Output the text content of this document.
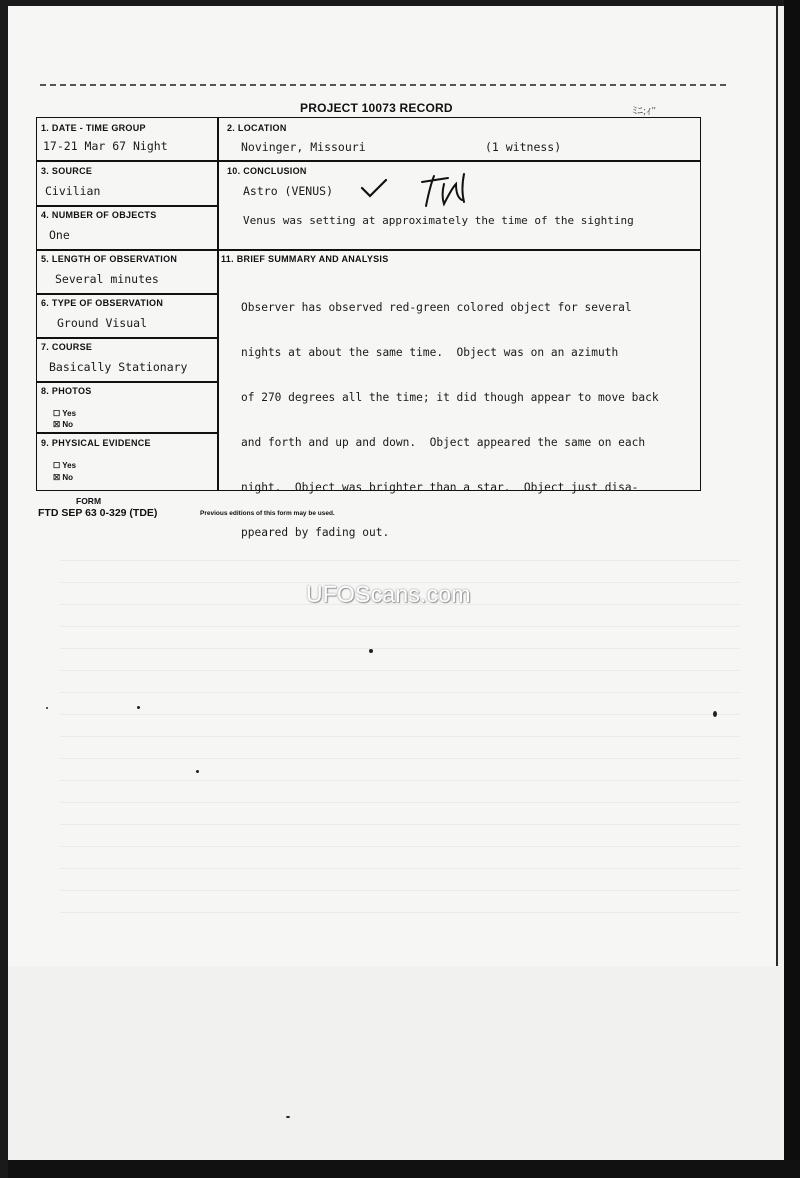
PROJECT 10073 RECORD	ﾐﾆ;ｨ"
1. DATE - TIME GROUP
17-21 Mar 67 Night
2. LOCATION
Novinger, Missouri	(1 witness)
3. SOURCE
Civilian
10. CONCLUSION
Astro (VENUS)
Venus was setting at approximately the time of the sighting
4. NUMBER OF OBJECTS
One
5. LENGTH OF OBSERVATION
Several minutes
11. BRIEF SUMMARY AND ANALYSIS

Observer has observed red-green colored object for several

nights at about the same time.  Object was on an azimuth

of 270 degrees all the time; it did though appear to move back

and forth and up and down.  Object appeared the same on each

night.  Object was brighter than a star.  Object just disa-

ppeared by fading out.

6. TYPE OF OBSERVATION
Ground Visual
7. COURSE
Basically Stationary
8. PHOTOS
☐ Yes
☒ No
9. PHYSICAL EVIDENCE
☐ Yes
☒ No
FORM
FTD SEP 63 0-329 (TDE)	Previous editions of this form may be used.
UFOScans.com
